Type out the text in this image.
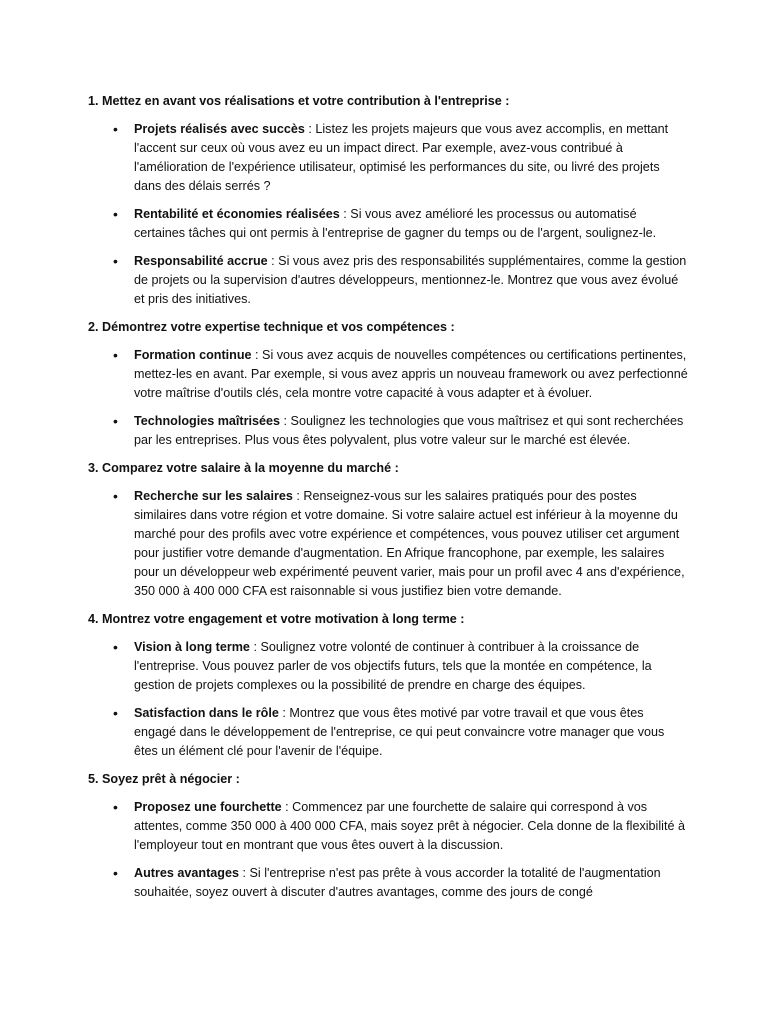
1. Mettez en avant vos réalisations et votre contribution à l'entreprise :

• Projets réalisés avec succès : Listez les projets majeurs que vous avez accomplis, en mettant l'accent sur ceux où vous avez eu un impact direct. Par exemple, avez-vous contribué à l'amélioration de l'expérience utilisateur, optimisé les performances du site, ou livré des projets dans des délais serrés ?
• Rentabilité et économies réalisées : Si vous avez amélioré les processus ou automatisé certaines tâches qui ont permis à l'entreprise de gagner du temps ou de l'argent, soulignez-le.
• Responsabilité accrue : Si vous avez pris des responsabilités supplémentaires, comme la gestion de projets ou la supervision d'autres développeurs, mentionnez-le. Montrez que vous avez évolué et pris des initiatives.

2. Démontrez votre expertise technique et vos compétences :

• Formation continue : Si vous avez acquis de nouvelles compétences ou certifications pertinentes, mettez-les en avant. Par exemple, si vous avez appris un nouveau framework ou avez perfectionné votre maîtrise d'outils clés, cela montre votre capacité à vous adapter et à évoluer.
• Technologies maîtrisées : Soulignez les technologies que vous maîtrisez et qui sont recherchées par les entreprises. Plus vous êtes polyvalent, plus votre valeur sur le marché est élevée.

3. Comparez votre salaire à la moyenne du marché :

• Recherche sur les salaires : Renseignez-vous sur les salaires pratiqués pour des postes similaires dans votre région et votre domaine. Si votre salaire actuel est inférieur à la moyenne du marché pour des profils avec votre expérience et compétences, vous pouvez utiliser cet argument pour justifier votre demande d'augmentation. En Afrique francophone, par exemple, les salaires pour un développeur web expérimenté peuvent varier, mais pour un profil avec 4 ans d'expérience, 350 000 à 400 000 CFA est raisonnable si vous justifiez bien votre demande.

4. Montrez votre engagement et votre motivation à long terme :

• Vision à long terme : Soulignez votre volonté de continuer à contribuer à la croissance de l'entreprise. Vous pouvez parler de vos objectifs futurs, tels que la montée en compétence, la gestion de projets complexes ou la possibilité de prendre en charge des équipes.
• Satisfaction dans le rôle : Montrez que vous êtes motivé par votre travail et que vous êtes engagé dans le développement de l'entreprise, ce qui peut convaincre votre manager que vous êtes un élément clé pour l'avenir de l'équipe.

5. Soyez prêt à négocier :

• Proposez une fourchette : Commencez par une fourchette de salaire qui correspond à vos attentes, comme 350 000 à 400 000 CFA, mais soyez prêt à négocier. Cela donne de la flexibilité à l'employeur tout en montrant que vous êtes ouvert à la discussion.
• Autres avantages : Si l'entreprise n'est pas prête à vous accorder la totalité de l'augmentation souhaitée, soyez ouvert à discuter d'autres avantages, comme des jours de congé
